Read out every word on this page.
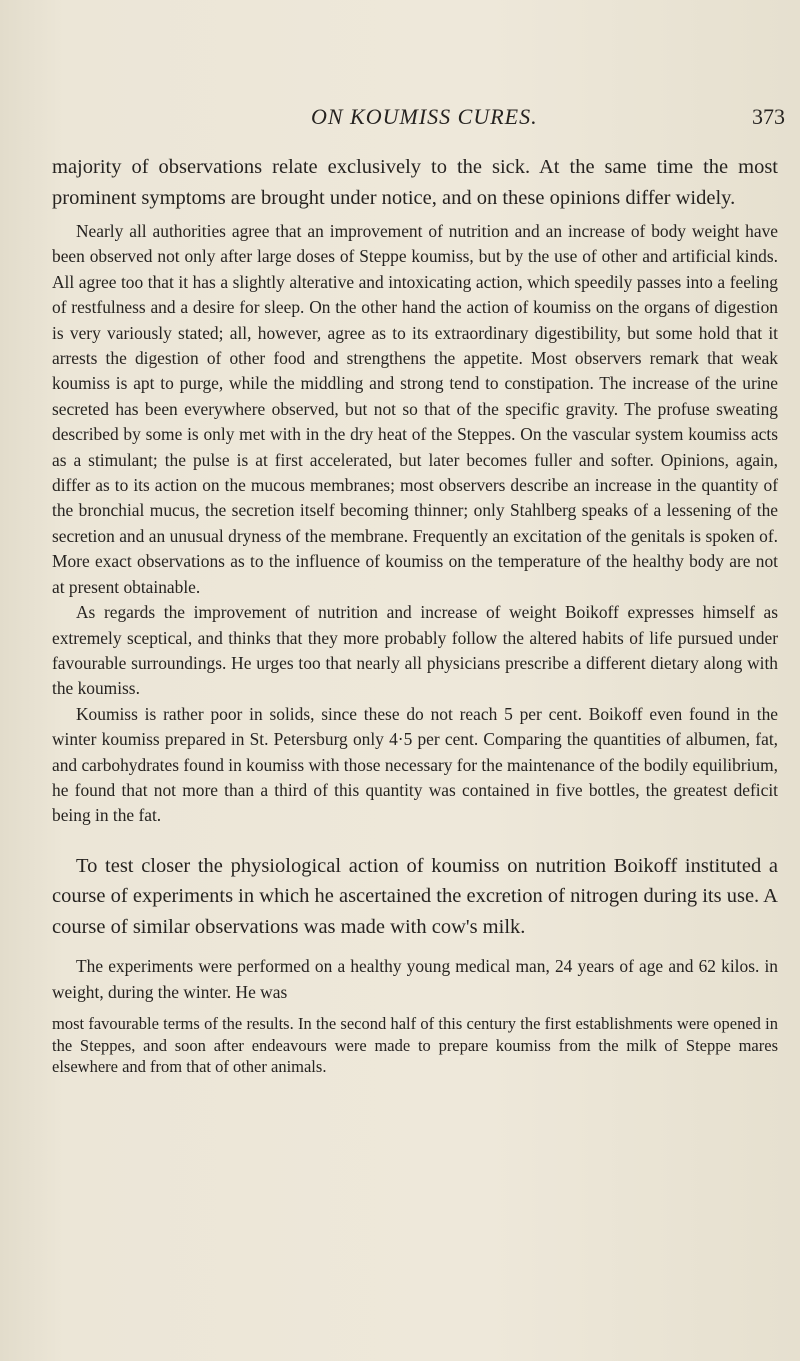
ON KOUMISS CURES.	373

majority of observations relate exclusively to the sick. At the same time the most prominent symptoms are brought under notice, and on these opinions differ widely.

Nearly all authorities agree that an improvement of nutrition and an increase of body weight have been observed not only after large doses of Steppe koumiss, but by the use of other and artificial kinds. All agree too that it has a slightly alterative and intoxicating action, which speedily passes into a feeling of restfulness and a desire for sleep. On the other hand the action of koumiss on the organs of digestion is very variously stated; all, however, agree as to its extraordinary digestibility, but some hold that it arrests the digestion of other food and strengthens the appetite. Most observers remark that weak koumiss is apt to purge, while the middling and strong tend to constipation. The increase of the urine secreted has been everywhere observed, but not so that of the specific gravity. The profuse sweating described by some is only met with in the dry heat of the Steppes. On the vascular system koumiss acts as a stimulant; the pulse is at first accelerated, but later becomes fuller and softer. Opinions, again, differ as to its action on the mucous membranes; most observers describe an increase in the quantity of the bronchial mucus, the secretion itself becoming thinner; only Stahlberg speaks of a lessening of the secretion and an unusual dryness of the membrane. Frequently an excitation of the genitals is spoken of. More exact observations as to the influence of koumiss on the temperature of the healthy body are not at present obtainable.

As regards the improvement of nutrition and increase of weight Boikoff expresses himself as extremely sceptical, and thinks that they more probably follow the altered habits of life pursued under favourable surroundings. He urges too that nearly all physicians prescribe a different dietary along with the koumiss.

Koumiss is rather poor in solids, since these do not reach 5 per cent. Boikoff even found in the winter koumiss prepared in St. Petersburg only 4·5 per cent. Comparing the quantities of albumen, fat, and carbohydrates found in koumiss with those necessary for the maintenance of the bodily equilibrium, he found that not more than a third of this quantity was contained in five bottles, the greatest deficit being in the fat.

To test closer the physiological action of koumiss on nutrition Boikoff instituted a course of experiments in which he ascertained the excretion of nitrogen during its use. A course of similar observations was made with cow's milk.

The experiments were performed on a healthy young medical man, 24 years of age and 62 kilos. in weight, during the winter. He was

most favourable terms of the results. In the second half of this century the first establishments were opened in the Steppes, and soon after endeavours were made to prepare koumiss from the milk of Steppe mares elsewhere and from that of other animals.
